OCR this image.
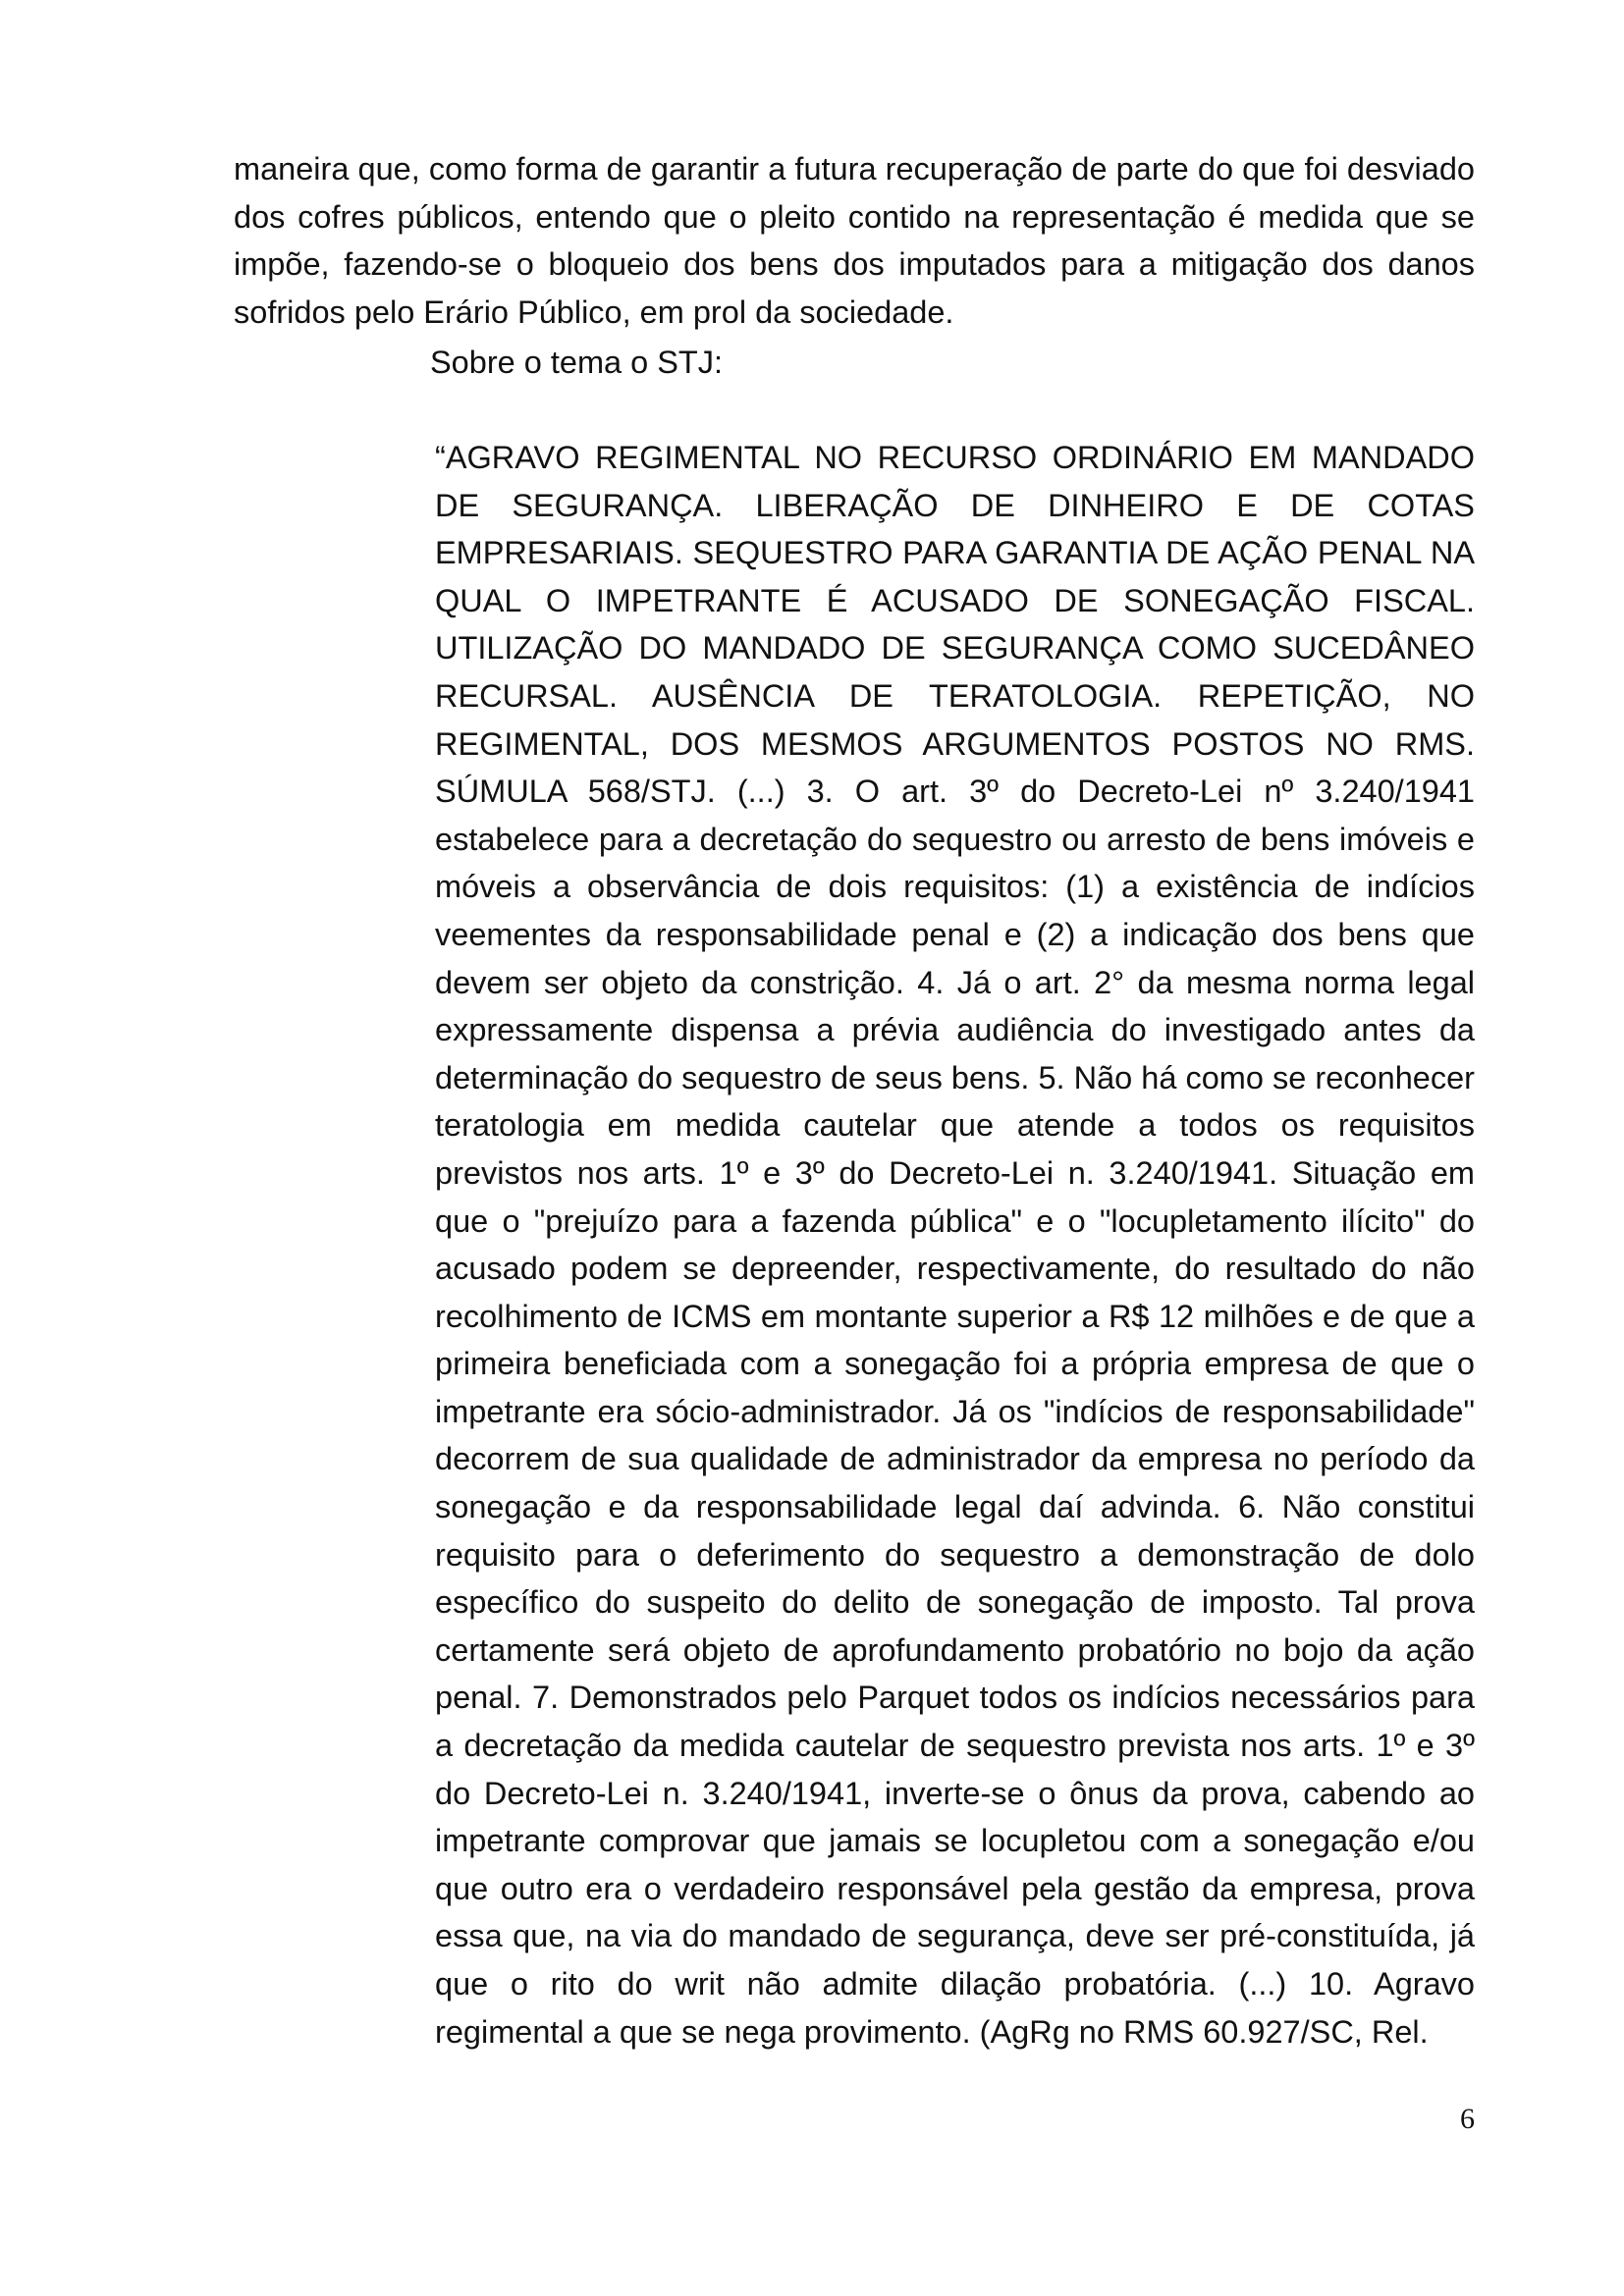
maneira que, como forma de garantir a futura recuperação de parte do que foi desviado dos cofres públicos, entendo que o pleito contido na representação é medida que se impõe, fazendo-se o bloqueio dos bens dos imputados para a mitigação dos danos sofridos pelo Erário Público, em prol da sociedade.

Sobre o tema o STJ:

“AGRAVO REGIMENTAL NO RECURSO ORDINÁRIO EM MANDADO DE SEGURANÇA. LIBERAÇÃO DE DINHEIRO E DE COTAS EMPRESARIAIS. SEQUESTRO PARA GARANTIA DE AÇÃO PENAL NA QUAL O IMPETRANTE É ACUSADO DE SONEGAÇÃO FISCAL. UTILIZAÇÃO DO MANDADO DE SEGURANÇA COMO SUCEDÂNEO RECURSAL. AUSÊNCIA DE TERATOLOGIA. REPETIÇÃO, NO REGIMENTAL, DOS MESMOS ARGUMENTOS POSTOS NO RMS. SÚMULA 568/STJ. (...) 3. O art. 3º do Decreto-Lei nº 3.240/1941 estabelece para a decretação do sequestro ou arresto de bens imóveis e móveis a observância de dois requisitos: (1) a existência de indícios veementes da responsabilidade penal e (2) a indicação dos bens que devem ser objeto da constrição. 4. Já o art. 2° da mesma norma legal expressamente dispensa a prévia audiência do investigado antes da determinação do sequestro de seus bens. 5. Não há como se reconhecer teratologia em medida cautelar que atende a todos os requisitos previstos nos arts. 1º e 3º do Decreto-Lei n. 3.240/1941. Situação em que o "prejuízo para a fazenda pública" e o "locupletamento ilícito" do acusado podem se depreender, respectivamente, do resultado do não recolhimento de ICMS em montante superior a R$ 12 milhões e de que a primeira beneficiada com a sonegação foi a própria empresa de que o impetrante era sócio-administrador. Já os "indícios de responsabilidade" decorrem de sua qualidade de administrador da empresa no período da sonegação e da responsabilidade legal daí advinda. 6. Não constitui requisito para o deferimento do sequestro a demonstração de dolo específico do suspeito do delito de sonegação de imposto. Tal prova certamente será objeto de aprofundamento probatório no bojo da ação penal. 7. Demonstrados pelo Parquet todos os indícios necessários para a decretação da medida cautelar de sequestro prevista nos arts. 1º e 3º do Decreto-Lei n. 3.240/1941, inverte-se o ônus da prova, cabendo ao impetrante comprovar que jamais se locupletou com a sonegação e/ou que outro era o verdadeiro responsável pela gestão da empresa, prova essa que, na via do mandado de segurança, deve ser pré-constituída, já que o rito do writ não admite dilação probatória. (...) 10. Agravo regimental a que se nega provimento. (AgRg no RMS 60.927/SC, Rel.

6
